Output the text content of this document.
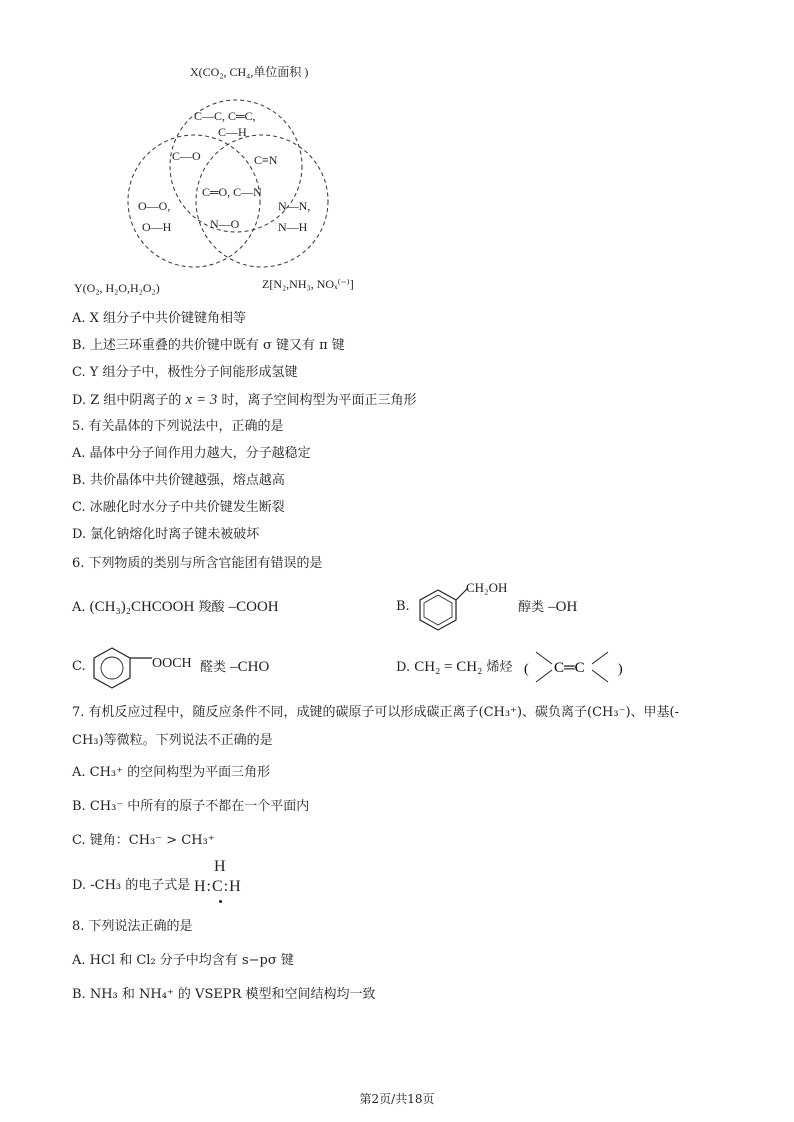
X(CO₂, CH₄,单位面积 )
C—C, C═C,
C—H
C—O	C≡N
C═O, C—N
O—O,
O—H	N—O
N—N,
N—H
Y(O₂, H₂O,H₂O₂)	Z[N₂,NH₃, NOₓ⁽⁻⁾]
A. X 组分子中共价键键角相等
B. 上述三环重叠的共价键中既有 σ 键又有 π 键
C. Y 组分子中，极性分子间能形成氢键
D. Z 组中阴离子的 x = 3 时，离子空间构型为平面正三角形
5. 有关晶体的下列说法中，正确的是
A. 晶体中分子间作用力越大，分子越稳定
B. 共价晶体中共价键越强，熔点越高
C. 冰融化时水分子中共价键发生断裂
D. 氯化钠熔化时离子键未被破坏
6. 下列物质的类别与所含官能团有错误的是
A. (CH₃)₂CHCOOH 羧酸 –COOH	B.
CH₂OH
醇类 –OH
C.	OOCH 醛类 –CHO	D. CH₂ = CH₂ 烯烃 ( C═C )
7. 有机反应过程中，随反应条件不同，成键的碳原子可以形成碳正离子(CH₃⁺)、碳负离子(CH₃⁻)、甲基(-
CH₃)等微粒。下列说法不正确的是
A. CH₃⁺ 的空间构型为平面三角形
B. CH₃⁻ 中所有的原子不都在一个平面内
C. 键角：CH₃⁻ > CH₃⁺
D. -CH₃ 的电子式是
H
H:C:H
8. 下列说法正确的是
A. HCl 和 Cl₂ 分子中均含有 s−pσ 键
B. NH₃ 和 NH₄⁺ 的 VSEPR 模型和空间结构均一致
第2页/共18页
